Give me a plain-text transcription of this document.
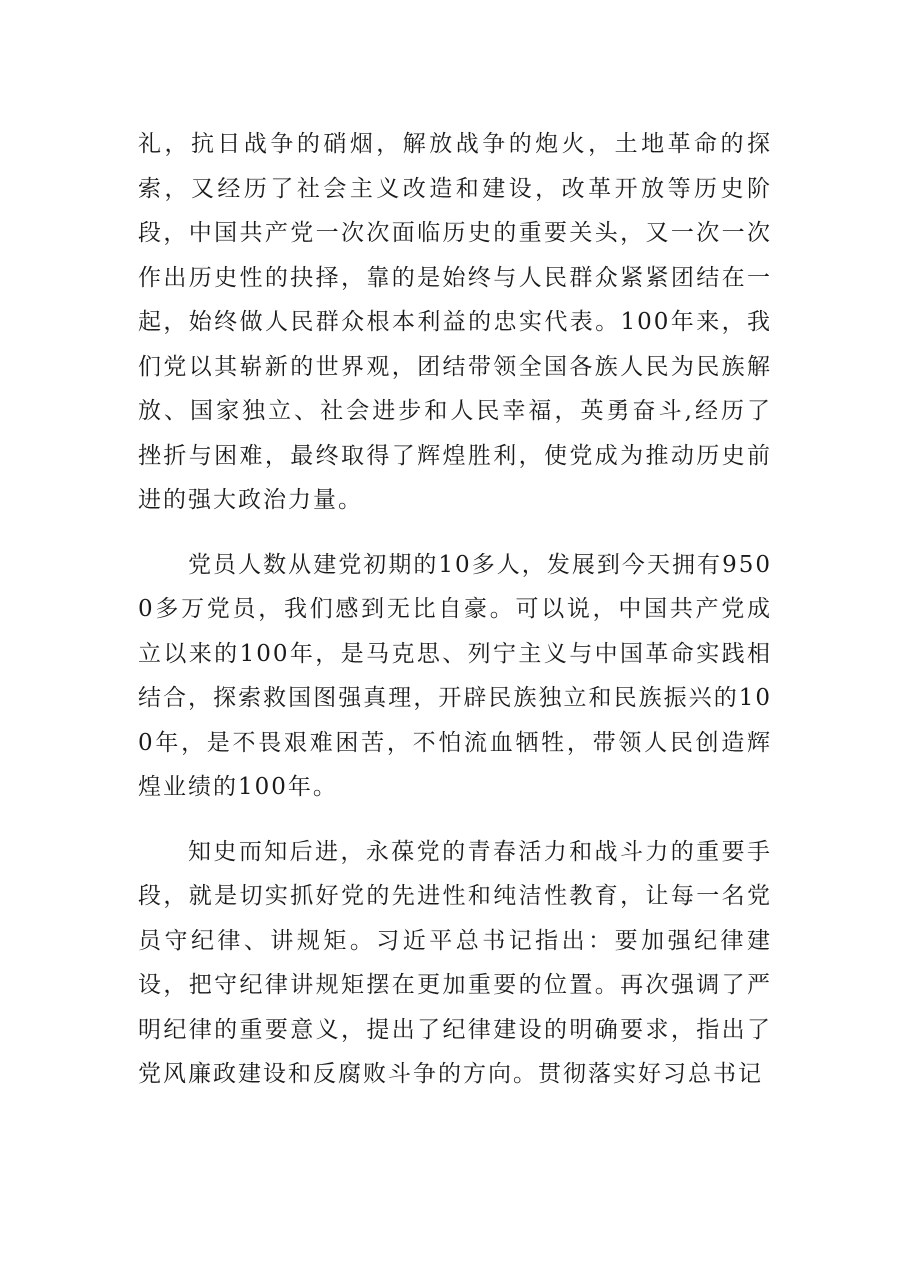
礼，抗日战争的硝烟，解放战争的炮火，土地革命的探索，又经历了社会主义改造和建设，改革开放等历史阶段，中国共产党一次次面临历史的重要关头，又一次一次作出历史性的抉择，靠的是始终与人民群众紧紧团结在一起，始终做人民群众根本利益的忠实代表。100年来，我们党以其崭新的世界观，团结带领全国各族人民为民族解放、国家独立、社会进步和人民幸福，英勇奋斗,经历了挫折与困难，最终取得了辉煌胜利，使党成为推动历史前进的强大政治力量。

党员人数从建党初期的10多人，发展到今天拥有9500多万党员，我们感到无比自豪。可以说，中国共产党成立以来的100年，是马克思、列宁主义与中国革命实践相结合，探索救国图强真理，开辟民族独立和民族振兴的100年，是不畏艰难困苦，不怕流血牺牲，带领人民创造辉煌业绩的100年。

知史而知后进，永葆党的青春活力和战斗力的重要手段，就是切实抓好党的先进性和纯洁性教育，让每一名党员守纪律、讲规矩。习近平总书记指出：要加强纪律建设，把守纪律讲规矩摆在更加重要的位置。再次强调了严明纪律的重要意义，提出了纪律建设的明确要求，指出了党风廉政建设和反腐败斗争的方向。贯彻落实好习总书记
